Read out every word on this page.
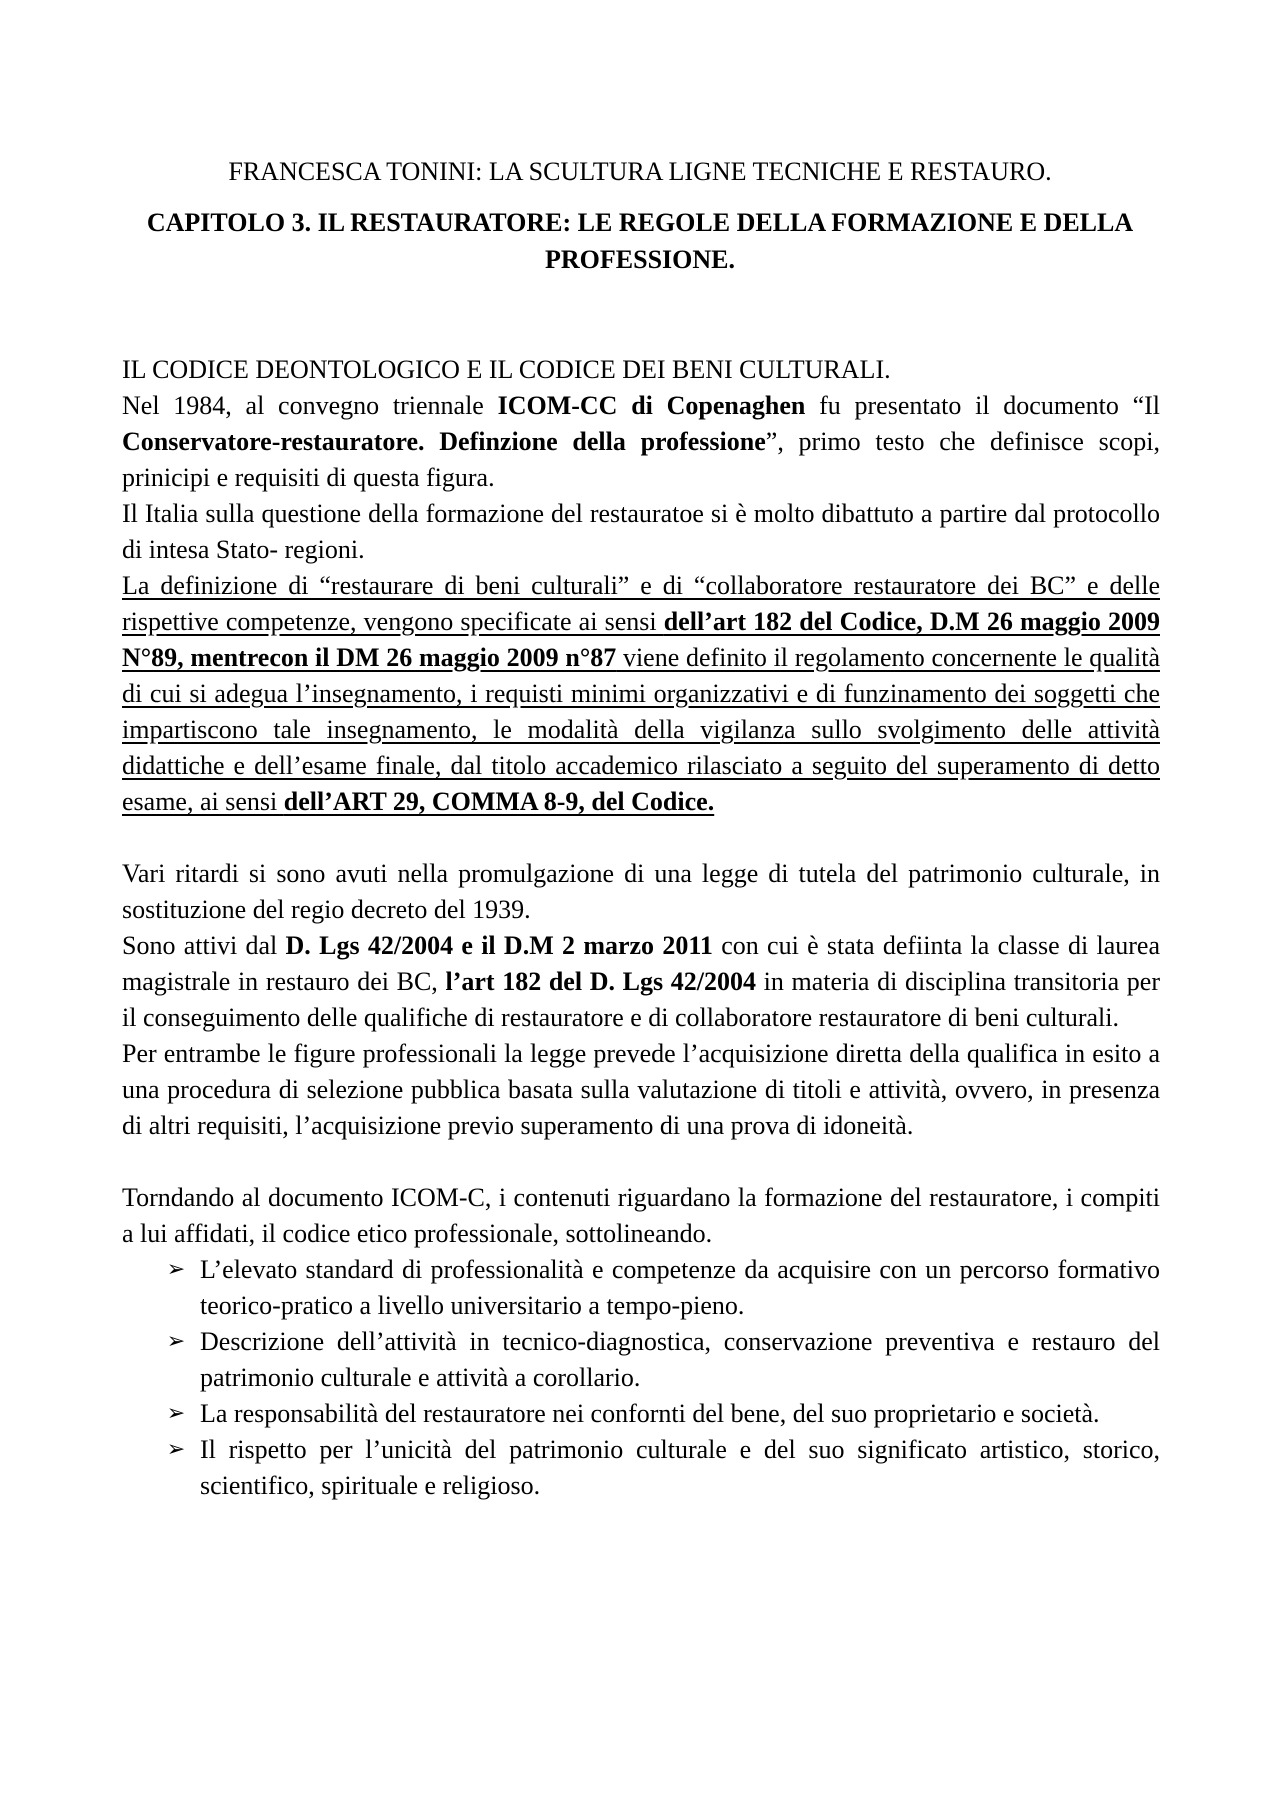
FRANCESCA TONINI: LA SCULTURA LIGNE TECNICHE E RESTAURO.
CAPITOLO 3. IL RESTAURATORE: LE REGOLE DELLA FORMAZIONE E DELLA PROFESSIONE.

IL CODICE DEONTOLOGICO E IL CODICE DEI BENI CULTURALI.

Nel 1984, al convegno triennale ICOM-CC di Copenaghen fu presentato il documento “Il Conservatore-restauratore. Definzione della professione”, primo testo che definisce scopi, prinicipi e requisiti di questa figura.

Il Italia sulla questione della formazione del restauratoe si è molto dibattuto a partire dal protocollo di intesa Stato- regioni.

La definizione di “restaurare di beni culturali” e di “collaboratore restauratore dei BC” e delle rispettive competenze, vengono specificate ai sensi dell’art 182 del Codice, D.M 26 maggio 2009 N°89, mentrecon il DM 26 maggio 2009 n°87 viene definito il regolamento concernente le qualità di cui si adegua l’insegnamento, i requisti minimi organizzativi e di funzinamento dei soggetti che impartiscono tale insegnamento, le modalità della vigilanza sullo svolgimento delle attività didattiche e dell’esame finale, dal titolo accademico rilasciato a seguito del superamento di detto esame, ai sensi dell’ART 29, COMMA 8-9, del Codice.

Vari ritardi si sono avuti nella promulgazione di una legge di tutela del patrimonio culturale, in sostituzione del regio decreto del 1939.

Sono attivi dal D. Lgs 42/2004 e il D.M 2 marzo 2011 con cui è stata defiinta la classe di laurea magistrale in restauro dei BC, l’art 182 del D. Lgs 42/2004 in materia di disciplina transitoria per il conseguimento delle qualifiche di restauratore e di collaboratore restauratore di beni culturali.

Per entrambe le figure professionali la legge prevede l’acquisizione diretta della qualifica in esito a una procedura di selezione pubblica basata sulla valutazione di titoli e attività, ovvero, in presenza di altri requisiti, l’acquisizione previo superamento di una prova di idoneità.

Torndando al documento ICOM-C, i contenuti riguardano la formazione del restauratore, i compiti a lui affidati, il codice etico professionale, sottolineando.

➢ L’elevato standard di professionalità e competenze da acquisire con un percorso formativo teorico-pratico a livello universitario a tempo-pieno.
➢ Descrizione dell’attività in tecnico-diagnostica, conservazione preventiva e restauro del patrimonio culturale e attività a corollario.
➢ La responsabilità del restauratore nei confornti del bene, del suo proprietario e società.
➢ Il rispetto per l’unicità del patrimonio culturale e del suo significato artistico, storico, scientifico, spirituale e religioso.
